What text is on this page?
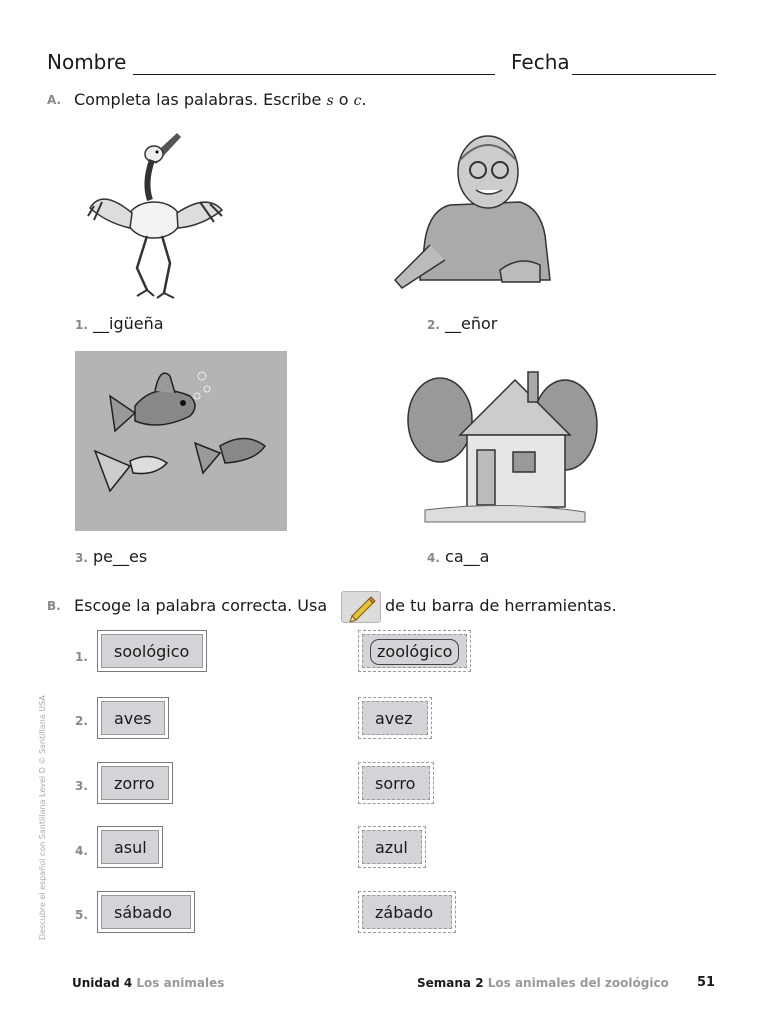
Nombre	Fecha
A. Completa las palabras. Escribe s o c.
1. __igüeña	2. __eñor
3. pe__es	4. ca__a
B. Escoge la palabra correcta. Usa	de tu barra de herramientas.
1.	soológico	zoológico
2.	aves	avez
3.	zorro	sorro
4.	asul	azul
5.	sábado	zábado
Descubre el español con Santillana Level D © Santillana USA
Unidad 4 Los animales	Semana 2 Los animales del zoológico 51
